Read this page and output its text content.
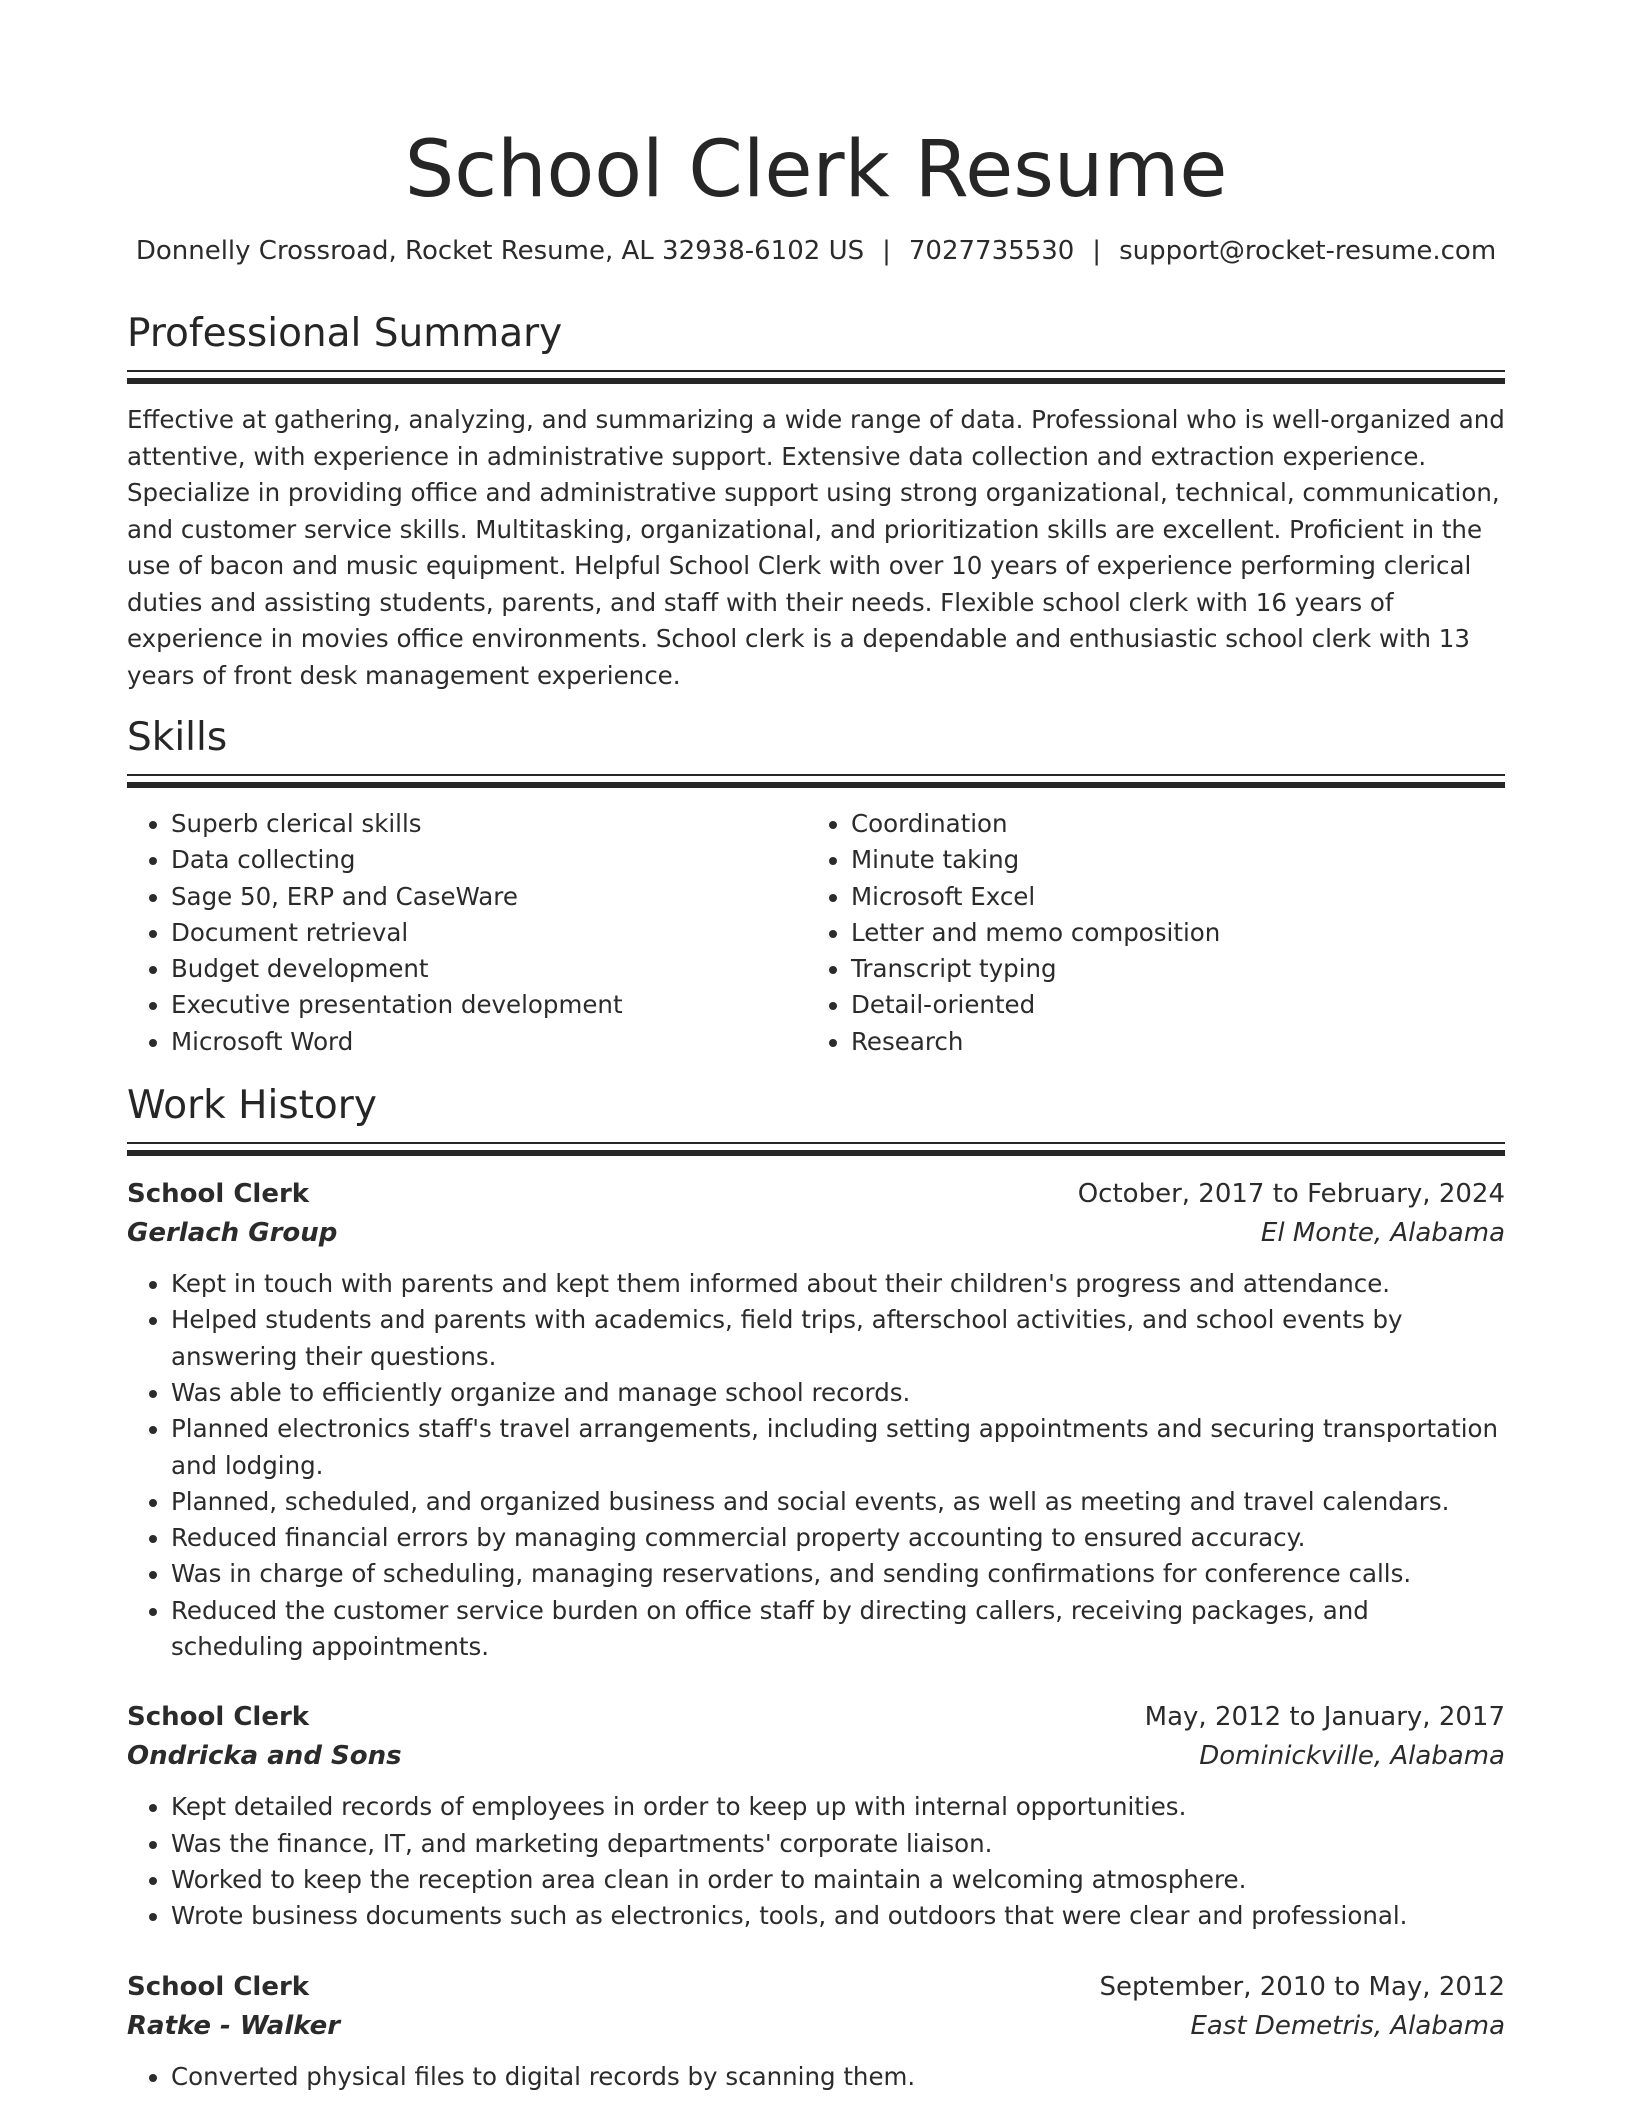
School Clerk Resume
Donnelly Crossroad, Rocket Resume, AL 32938-6102 US | 7027735530 | support@rocket-resume.com
Professional Summary

Effective at gathering, analyzing, and summarizing a wide range of data. Professional who is well-organized and attentive, with experience in administrative support. Extensive data collection and extraction experience. Specialize in providing office and administrative support using strong organizational, technical, communication, and customer service skills. Multitasking, organizational, and prioritization skills are excellent. Proficient in the use of bacon and music equipment. Helpful School Clerk with over 10 years of experience performing clerical duties and assisting students, parents, and staff with their needs. Flexible school clerk with 16 years of experience in movies office environments. School clerk is a dependable and enthusiastic school clerk with 13 years of front desk management experience.

Skills
• Superb clerical skills
• Data collecting
• Sage 50, ERP and CaseWare
• Document retrieval
• Budget development
• Executive presentation development
• Microsoft Word
• Coordination
• Minute taking
• Microsoft Excel
• Letter and memo composition
• Transcript typing
• Detail-oriented
• Research
Work History
School Clerk	October, 2017 to February, 2024
Gerlach Group	El Monte, Alabama
• Kept in touch with parents and kept them informed about their children's progress and attendance.
• Helped students and parents with academics, field trips, afterschool activities, and school events by answering their questions.
• Was able to efficiently organize and manage school records.
• Planned electronics staff's travel arrangements, including setting appointments and securing transportation and lodging.
• Planned, scheduled, and organized business and social events, as well as meeting and travel calendars.
• Reduced financial errors by managing commercial property accounting to ensured accuracy.
• Was in charge of scheduling, managing reservations, and sending confirmations for conference calls.
• Reduced the customer service burden on office staff by directing callers, receiving packages, and scheduling appointments.
School Clerk	May, 2012 to January, 2017
Ondricka and Sons	Dominickville, Alabama
• Kept detailed records of employees in order to keep up with internal opportunities.
• Was the finance, IT, and marketing departments' corporate liaison.
• Worked to keep the reception area clean in order to maintain a welcoming atmosphere.
• Wrote business documents such as electronics, tools, and outdoors that were clear and professional.
School Clerk	September, 2010 to May, 2012
Ratke - Walker	East Demetris, Alabama
• Converted physical files to digital records by scanning them.
